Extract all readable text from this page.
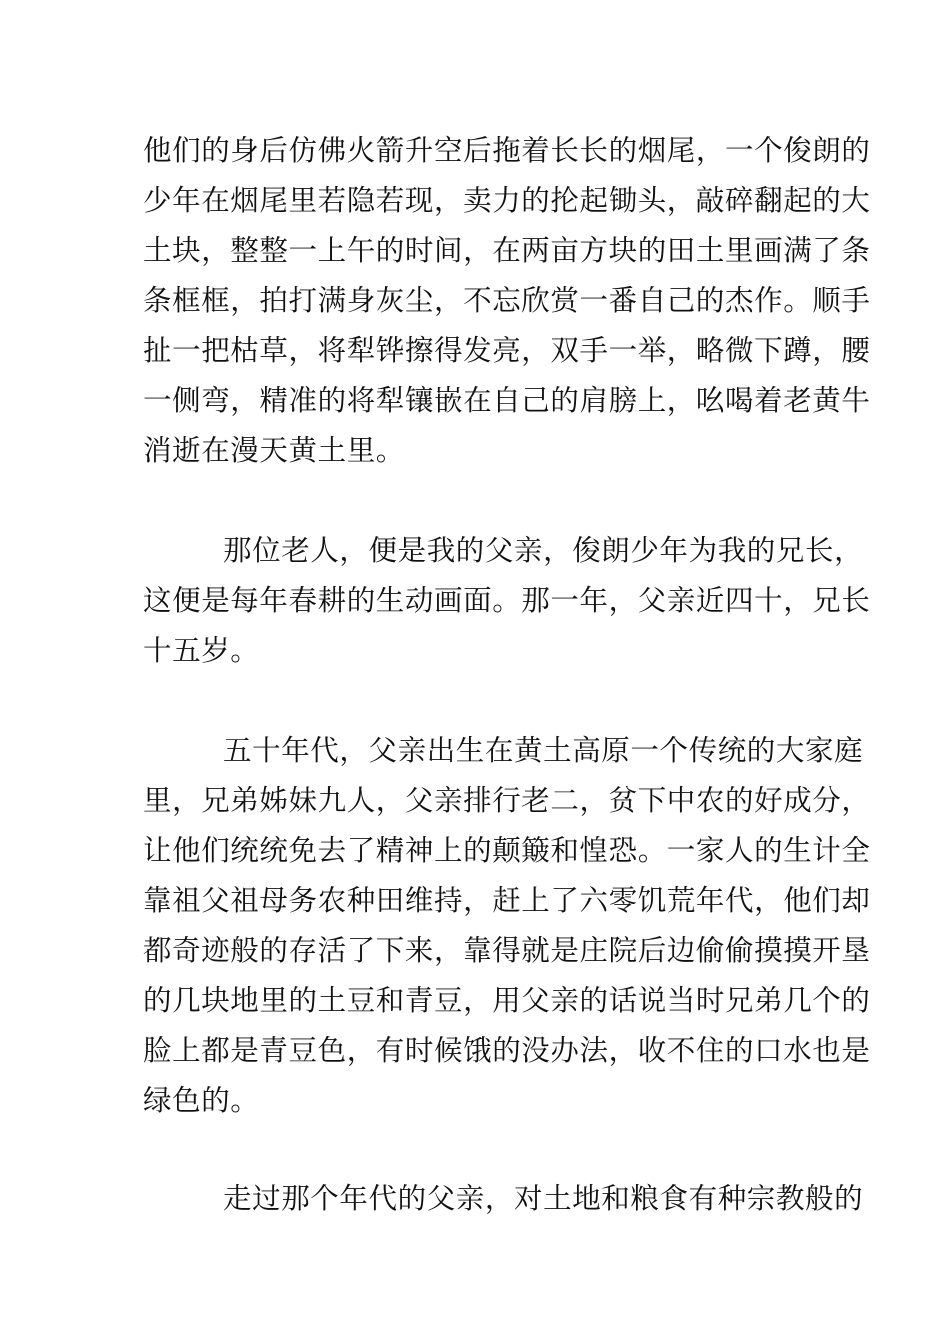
他们的身后仿佛火箭升空后拖着长长的烟尾，一个俊朗的
少年在烟尾里若隐若现，卖力的抡起锄头，敲碎翻起的大
土块，整整一上午的时间，在两亩方块的田土里画满了条
条框框，拍打满身灰尘，不忘欣赏一番自己的杰作。顺手
扯一把枯草，将犁铧擦得发亮，双手一举，略微下蹲，腰
一侧弯，精准的将犁镶嵌在自己的肩膀上，吆喝着老黄牛
消逝在漫天黄土里。
那位老人，便是我的父亲，俊朗少年为我的兄长，
这便是每年春耕的生动画面。那一年，父亲近四十，兄长
十五岁。
五十年代，父亲出生在黄土高原一个传统的大家庭
里，兄弟姊妹九人，父亲排行老二，贫下中农的好成分，
让他们统统免去了精神上的颠簸和惶恐。一家人的生计全
靠祖父祖母务农种田维持，赶上了六零饥荒年代，他们却
都奇迹般的存活了下来，靠得就是庄院后边偷偷摸摸开垦
的几块地里的土豆和青豆，用父亲的话说当时兄弟几个的
脸上都是青豆色，有时候饿的没办法，收不住的口水也是
绿色的。
走过那个年代的父亲，对土地和粮食有种宗教般的
